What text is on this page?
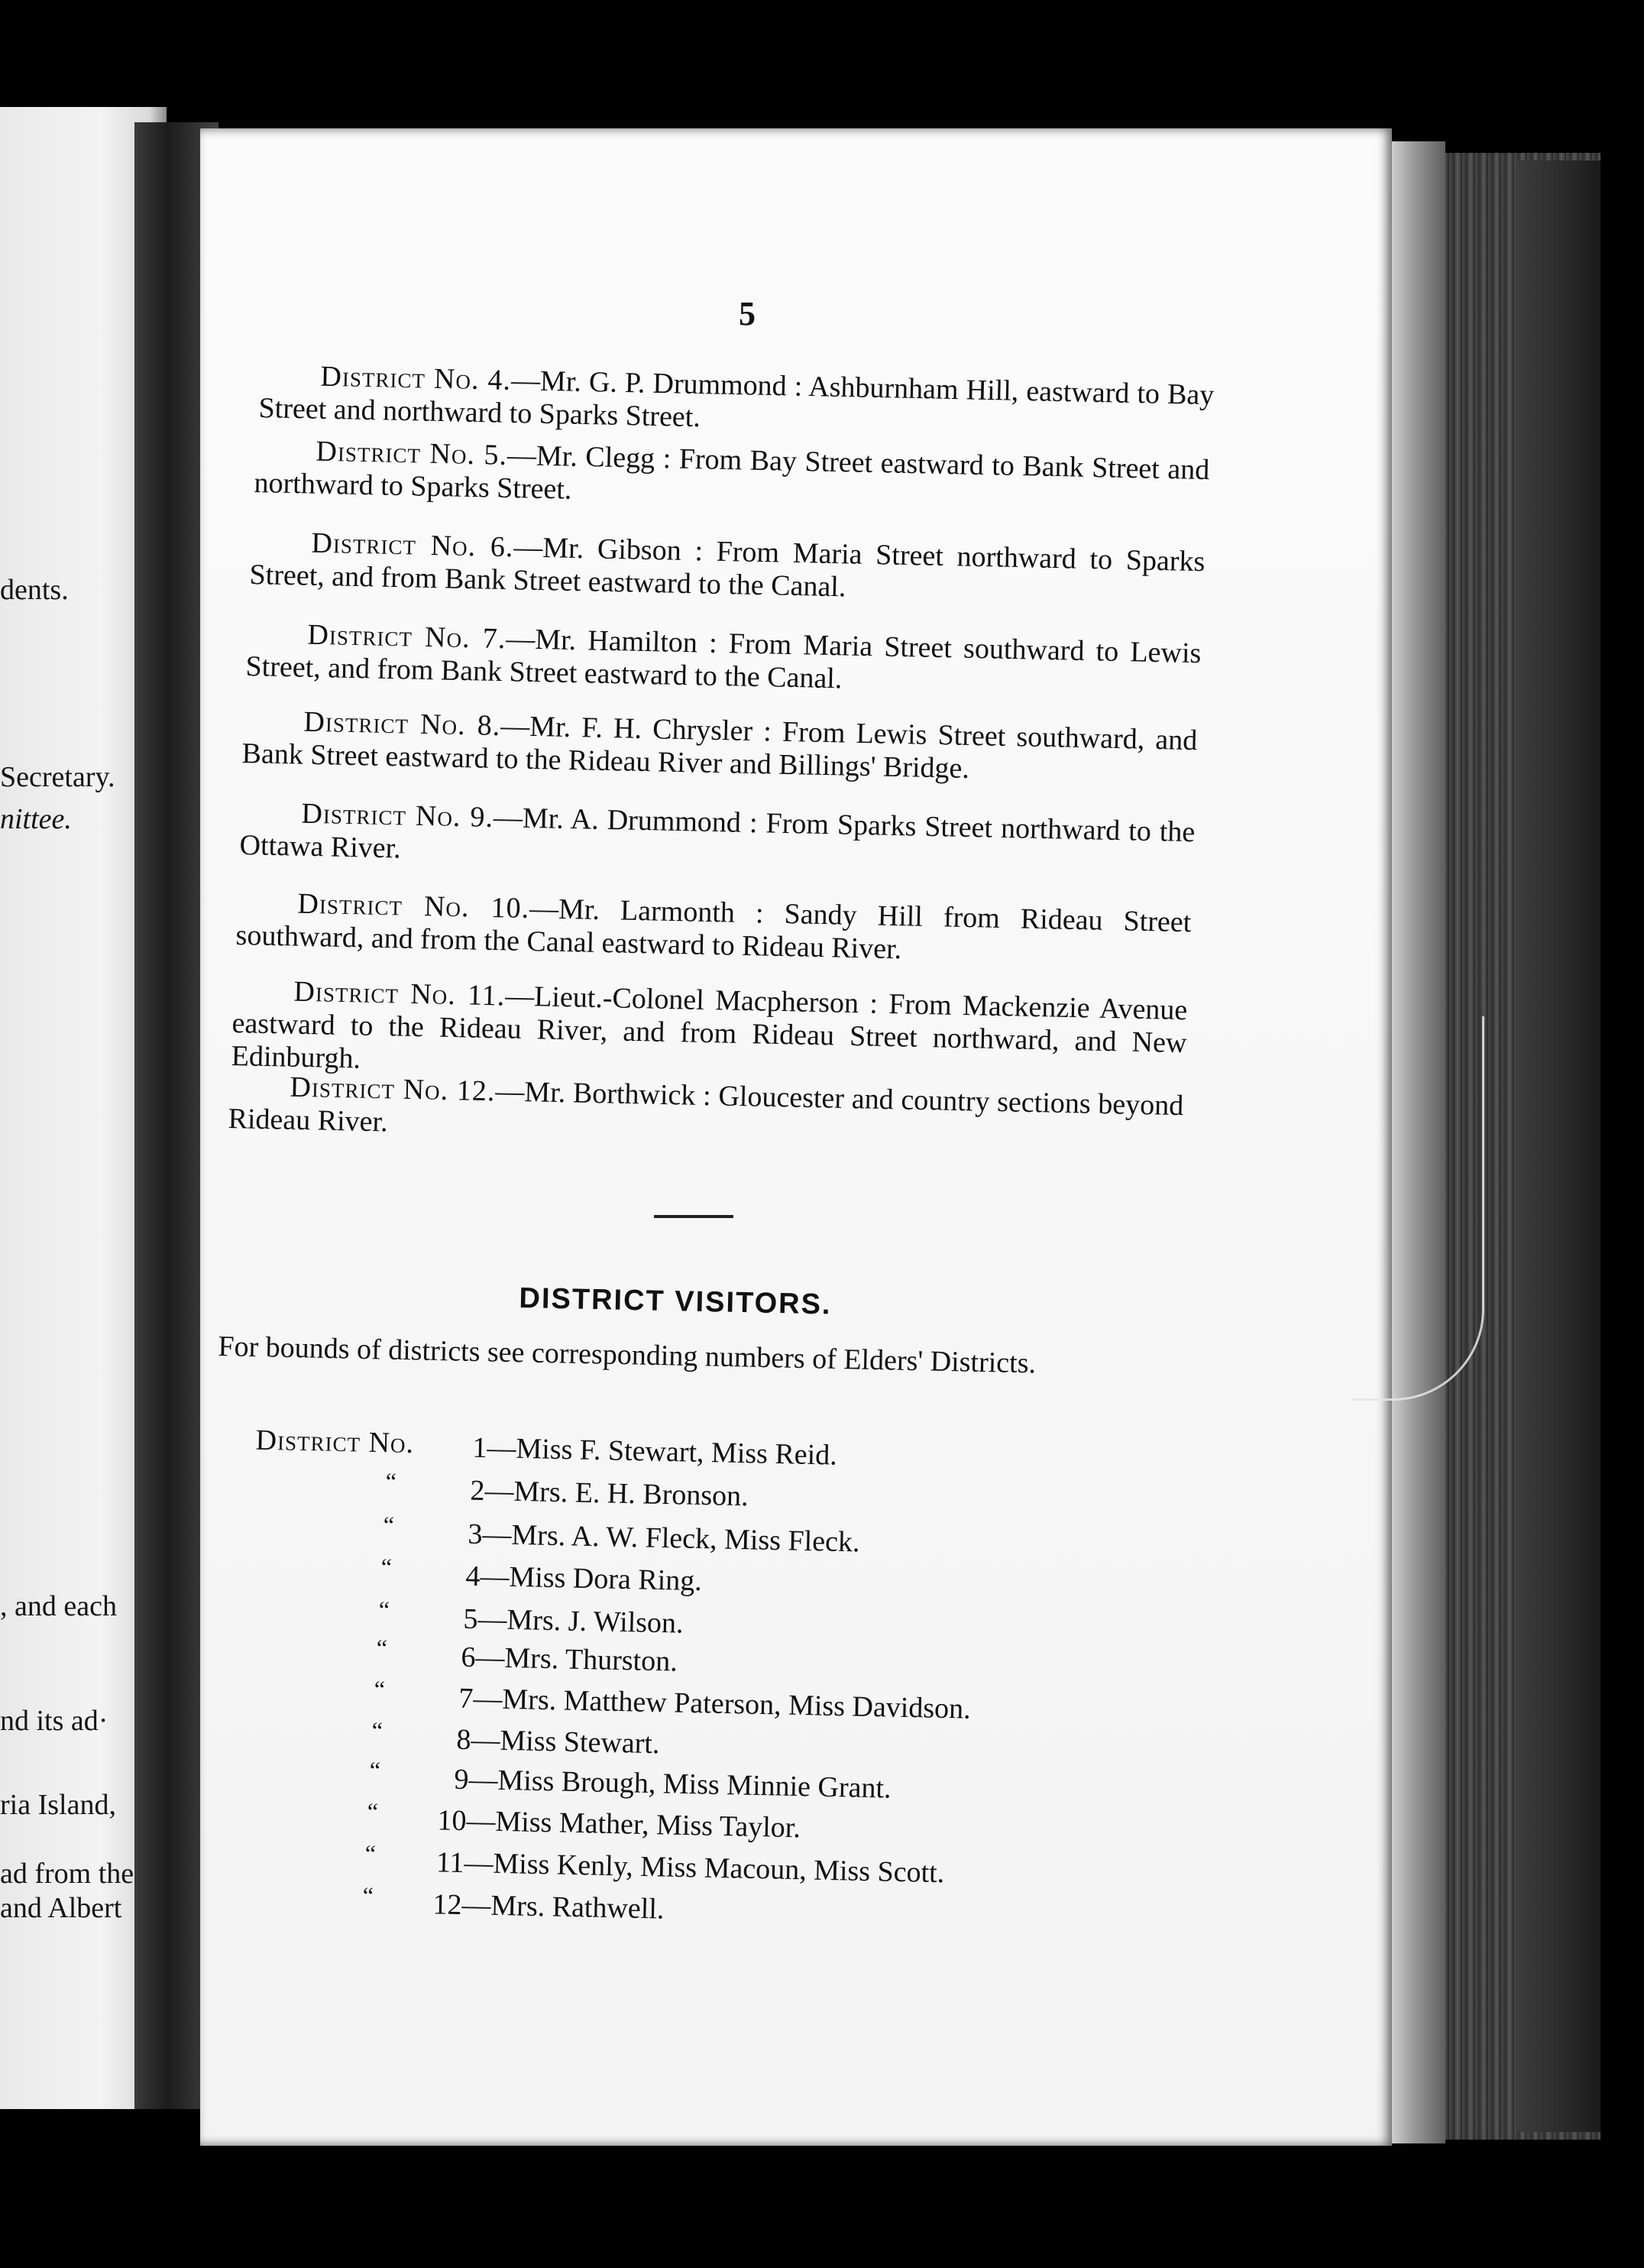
dents.
Secretary.
nittee.
, and each
nd its ad·
ria Island,
ad from the
and Albert
5
District No. 4.—Mr. G. P. Drummond : Ashburnham Hill, eastward to Bay Street and northward to Sparks Street.
District No. 5.—Mr. Clegg : From Bay Street eastward to Bank Street and northward to Sparks Street.
District No. 6.—Mr. Gibson : From Maria Street northward to Sparks Street, and from Bank Street eastward to the Canal.
District No. 7.—Mr. Hamilton : From Maria Street southward to Lewis Street, and from Bank Street eastward to the Canal.
District No. 8.—Mr. F. H. Chrysler : From Lewis Street southward, and Bank Street eastward to the Rideau River and Billings' Bridge.
District No. 9.—Mr. A. Drummond : From Sparks Street northward to the Ottawa River.
District No. 10.—Mr. Larmonth : Sandy Hill from Rideau Street southward, and from the Canal eastward to Rideau River.
District No. 11.—Lieut.-Colonel Macpherson : From Mackenzie Avenue eastward to the Rideau River, and from Rideau Street northward, and New Edinburgh.
District No. 12.—Mr. Borthwick : Gloucester and country sections beyond Rideau River.
DISTRICT VISITORS.
For bounds of districts see corresponding numbers of Elders' Districts.
District No. 1—Miss F. Stewart, Miss Reid.
“	2—Mrs. E. H. Bronson.
“	3—Mrs. A. W. Fleck, Miss Fleck.
“	4—Miss Dora Ring.
“	5—Mrs. J. Wilson.
“	6—Mrs. Thurston.
“	7—Mrs. Matthew Paterson, Miss Davidson.
“	8—Miss Stewart.
“	9—Miss Brough, Miss Minnie Grant.
“ 10—Miss Mather, Miss Taylor.
“ 11—Miss Kenly, Miss Macoun, Miss Scott.
“ 12—Mrs. Rathwell.
